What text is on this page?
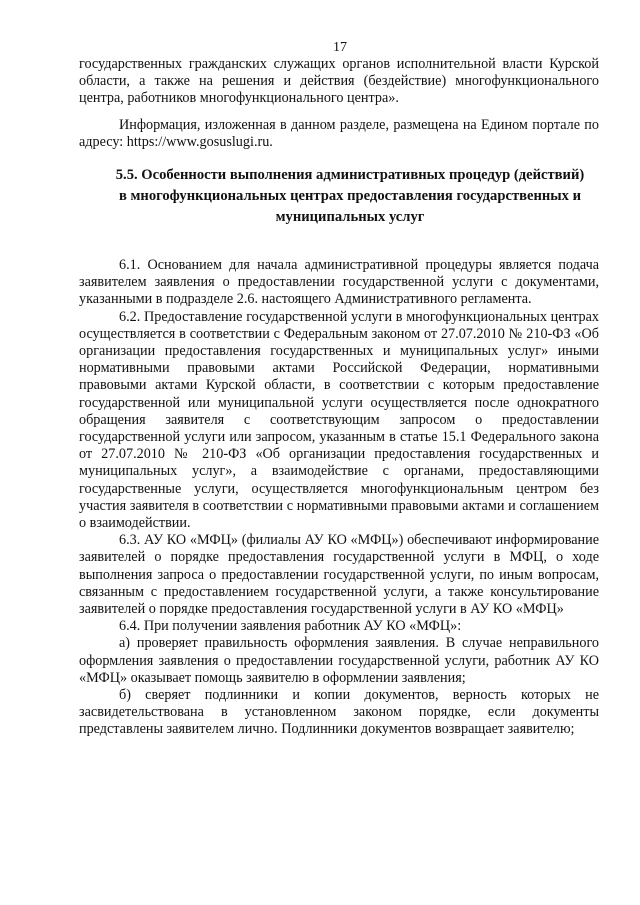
17

государственных гражданских служащих органов исполнительной власти Курской области, а также на решения и действия (бездействие) многофункционального центра, работников многофункционального центра».

Информация, изложенная в данном разделе, размещена на Едином портале по адресу: https://www.gosuslugi.ru.

5.5. Особенности выполнения административных процедур (действий) в многофункциональных центрах предоставления государственных и муниципальных услуг

6.1. Основанием для начала административной процедуры является подача заявителем заявления о предоставлении государственной услуги с документами, указанными в подразделе 2.6. настоящего Административного регламента.

6.2. Предоставление государственной услуги в многофункциональных центрах осуществляется в соответствии с Федеральным законом от 27.07.2010 № 210-ФЗ «Об организации предоставления государственных и муниципальных услуг» иными нормативными правовыми актами Российской Федерации, нормативными правовыми актами Курской области, в соответствии с которым предоставление государственной или муниципальной услуги осуществляется после однократного обращения заявителя с соответствующим запросом о предоставлении государственной услуги или запросом, указанным в статье 15.1 Федерального закона от 27.07.2010 № 210-ФЗ «Об организации предоставления государственных и муниципальных услуг», а взаимодействие с органами, предоставляющими государственные услуги, осуществляется многофункциональным центром без участия заявителя в соответствии с нормативными правовыми актами и соглашением о взаимодействии.

6.3. АУ КО «МФЦ» (филиалы АУ КО «МФЦ») обеспечивают информирование заявителей о порядке предоставления государственной услуги в МФЦ, о ходе выполнения запроса о предоставлении государственной услуги, по иным вопросам, связанным с предоставлением государственной услуги, а также консультирование заявителей о порядке предоставления государственной услуги в АУ КО «МФЦ»

6.4. При получении заявления работник АУ КО «МФЦ»:

а) проверяет правильность оформления заявления. В случае неправильного оформления заявления о предоставлении государственной услуги, работник АУ КО «МФЦ» оказывает помощь заявителю в оформлении заявления;

б) сверяет подлинники и копии документов, верность которых не засвидетельствована в установленном законом порядке, если документы представлены заявителем лично. Подлинники документов возвращает заявителю;
